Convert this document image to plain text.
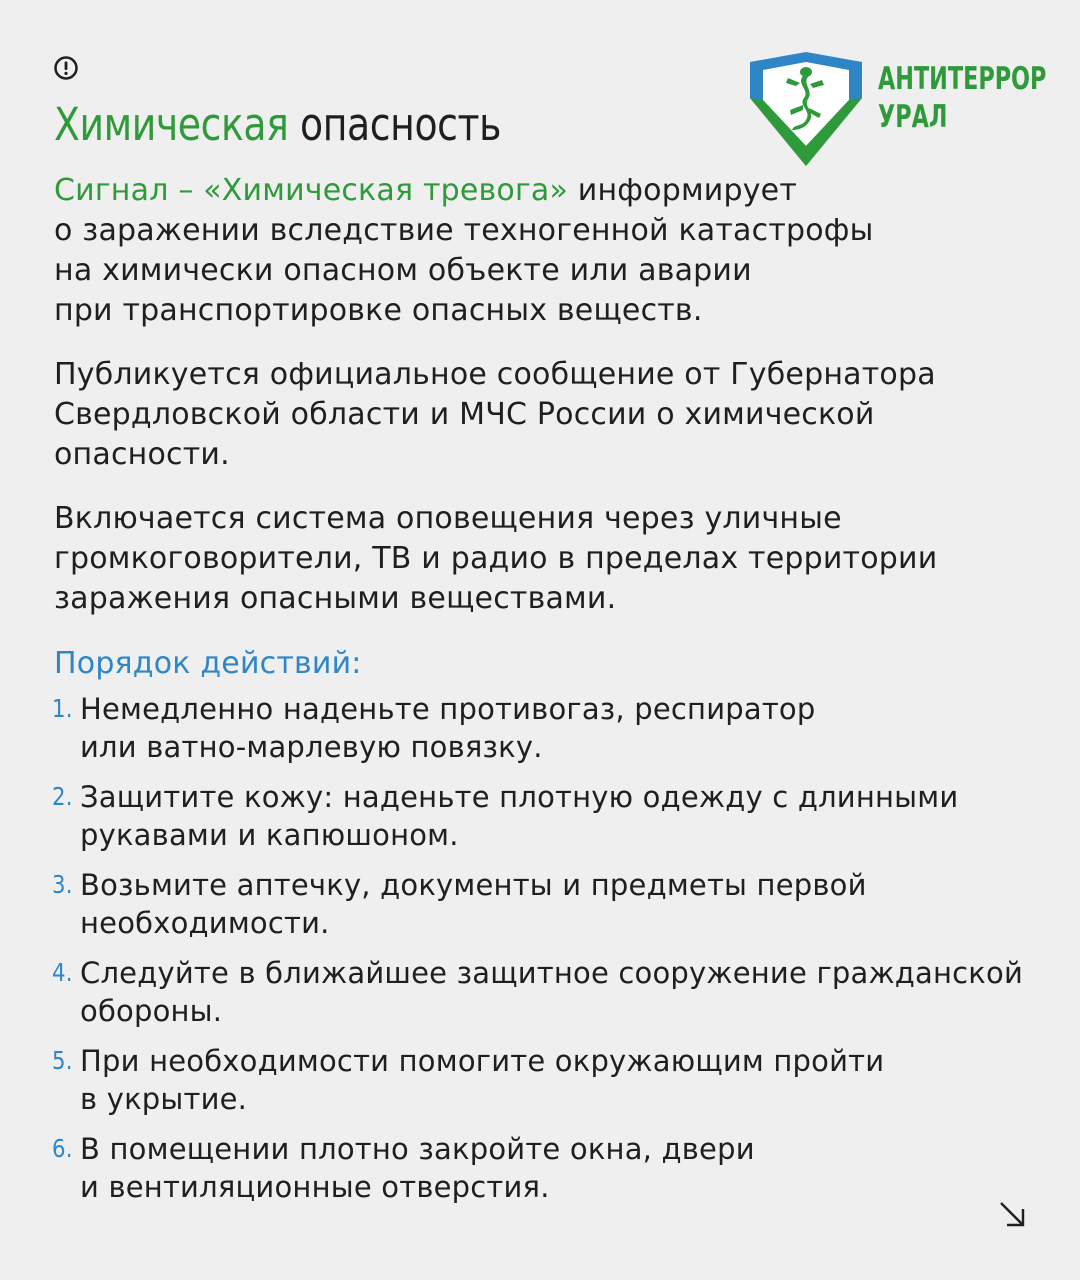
Химическая опасность
АНТИТЕРРОР
УРАЛ

Сигнал – «Химическая тревога» информирует
о заражении вследствие техногенной катастрофы
на химически опасном объекте или аварии
при транспортировке опасных веществ.

Публикуется официальное сообщение от Губернатора
Свердловской области и МЧС России о химической
опасности.

Включается система оповещения через уличные
громкоговорители, ТВ и радио в пределах территории
заражения опасными веществами.

Порядок действий:

1. Немедленно наденьте противогаз, респиратор
или ватно-марлевую повязку.
2. Защитите кожу: наденьте плотную одежду с длинными
рукавами и капюшоном.
3. Возьмите аптечку, документы и предметы первой
необходимости.
4. Следуйте в ближайшее защитное сооружение гражданской
обороны.
5. При необходимости помогите окружающим пройти
в укрытие.
6. В помещении плотно закройте окна, двери
и вентиляционные отверстия.
